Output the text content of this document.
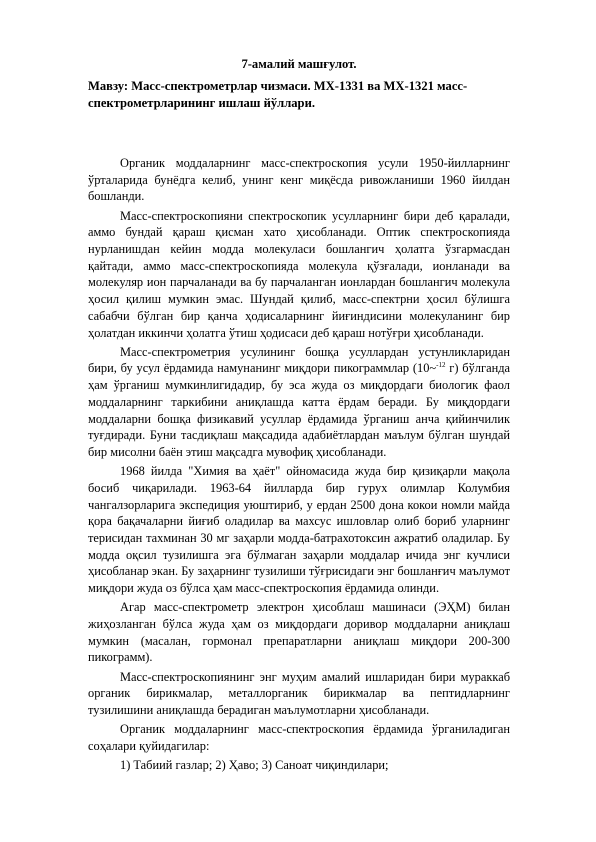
7-амалий машғулот.
Мавзу: Масс-спектрометрлар чизмаси. MX-1331 ва MX-1321 масс-спектрометрларининг ишлаш йўллари.

Органик моддаларнинг масс-спектроскопия усули 1950-йилларнинг ўрталарида бунёдга келиб, унинг кенг миқёсда ривожланиши 1960 йилдан бошланди.

Масс-спектроскопияни спектроскопик усулларнинг бири деб қаралади, аммо бундай қараш қисман хато ҳисобланади. Оптик спектроскопияда нурланишдан кейин модда молекуласи бошлангич ҳолатга ўзгармасдан қайтади, аммо масс-спектроскопияда молекула қўзғалади, ионланади ва молекуляр ион парчаланади ва бу парчаланган ионлардан бошлангич молекула ҳосил қилиш мумкин эмас. Шундай қилиб, масс-спектрни ҳосил бўлишга сабабчи бўлган бир қанча ҳодисаларнинг йиғиндисини молекуланинг бир ҳолатдан иккинчи ҳолатга ўтиш ҳодисаси деб қараш нотўғри ҳисобланади.

Масс-спектрометрия усулининг бошқа усуллардан устунликларидан бири, бу усул ёрдамида намунанинг миқдори пикограммлар (10~$^{-12}$ г) бўлганда ҳам ўрганиш мумкинлигидадир, бу эса жуда оз миқдордаги биологик фаол моддаларнинг таркибини аниқлашда катта ёрдам беради. Бу миқдордаги моддаларни бошқа физикавий усуллар ёрдамида ўрганиш анча қийинчилик туғдиради. Буни тасдиқлаш мақсадида адабиётлардан маълум бўлган шундай бир мисолни баён этиш мақсадга мувофиқ ҳисобланади.

1968 йилда "Химия ва ҳаёт" ойномасида жуда бир қизиқарли мақола босиб чиқарилади. 1963-64 йилларда бир гурух олимлар Колумбия чангалзорларига экспедиция уюштириб, у ердан 2500 дона кокои номли майда қора бақачаларни йиғиб оладилар ва махсус ишловлар олиб бориб уларнинг терисидан тахминан 30 мг заҳарли модда-батрахотоксин ажратиб оладилар. Бу модда оқсил тузилишга эга бўлмаган заҳарли моддалар ичида энг кучлиси ҳисобланар экан. Бу заҳарнинг тузилиши тўғрисидаги энг бошланғич маълумот миқдори жуда оз бўлса ҳам масс-спектроскопия ёрдамида олинди.

Агар масс-спектрометр электрон ҳисоблаш машинаси (ЭҲМ) билан жиҳозланган бўлса жуда ҳам оз миқдордаги доривор моддаларни аниқлаш мумкин (масалан, гормонал препаратларни аниқлаш миқдори 200-300 пикограмм).

Масс-спектроскопиянинг энг муҳим амалий ишларидан бири мураккаб органик бирикмалар, металлорганик бирикмалар ва пептидларнинг тузилишини аниқлашда берадиган маълумотларни ҳисобланади.

Органик моддаларнинг масс-спектроскопия ёрдамида ўрганиладиган соҳалари қуйидагилар:

1) Табиий газлар; 2) Ҳаво; 3) Саноат чиқиндилари;
